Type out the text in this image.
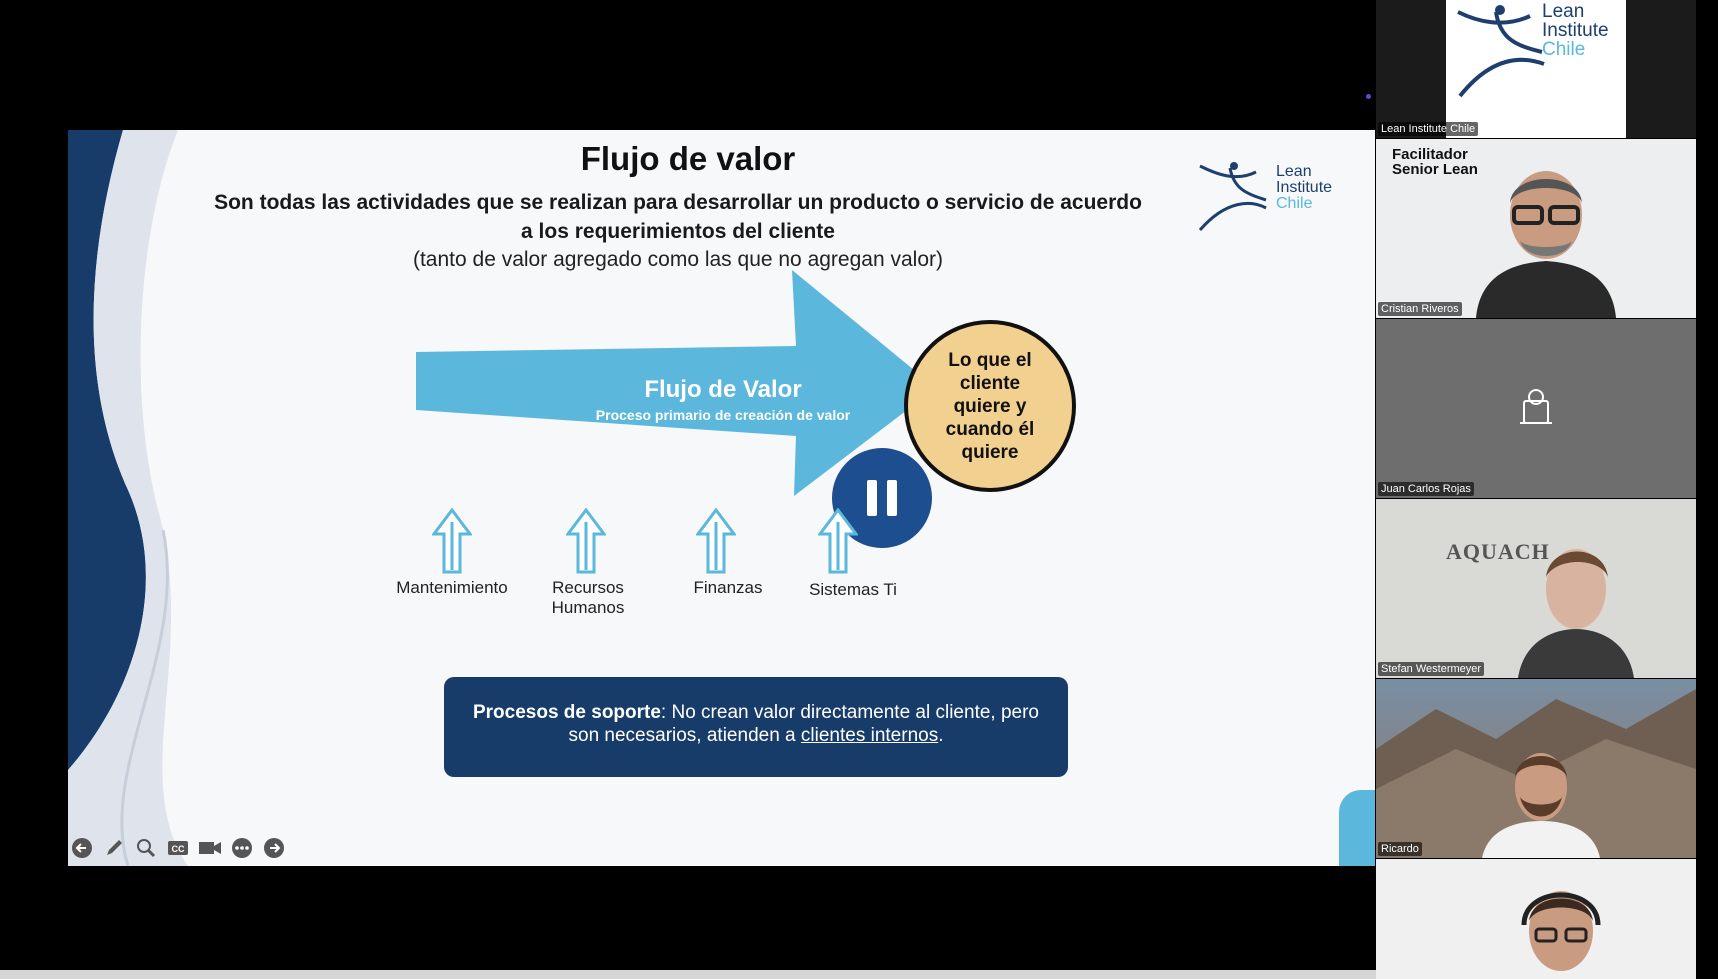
Flujo de valor
Son todas las actividades que se realizan para desarrollar un producto o servicio de acuerdo a los requerimientos del cliente
(tanto de valor agregado como las que no agregan valor)
Lean
Institute
Chile
Flujo de Valor
Proceso primario de creación de valor
Lo que el cliente quiere y cuando él quiere
Mantenimiento	Recursos Humanos
Finanzas	Sistemas Ti
Procesos de soporte: No crean valor directamente al cliente, pero son necesarios, atienden a clientes internos.
CC
Lean
Institute
Chile
Lean Institute Chile
Facilitador Senior Lean
Cristian Riveros
Juan Carlos Rojas
AQUACH
Stefan Westermeyer
Ricardo
